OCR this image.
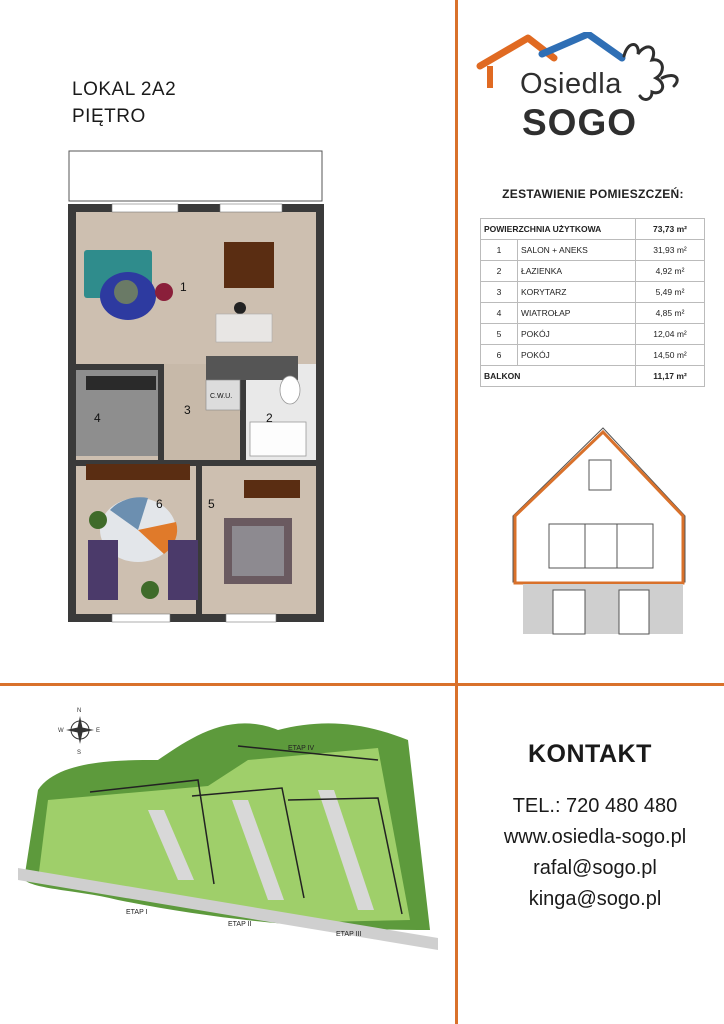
LOKAL 2A2
PIĘTRO
Osiedla
SOGO
ZESTAWIENIE POMIESZCZEŃ:
POWIERZCHNIA UŻYTKOWA		73,73 m²
1	SALON + ANEKS	31,93 m²
2	ŁAZIENKA	4,92 m²
3	KORYTARZ	5,49 m²
4	WIATROŁAP	4,85 m²
5	POKÓJ	12,04 m²
6	POKÓJ	14,50 m²
BALKON		11,17 m²
1
2
3
4
5
6
C.W.U.
N
S
W	E
ETAP I
ETAP II
ETAP III
ETAP IV	KONTAKT
TEL.: 720 480 480
www.osiedla-sogo.pl
rafal@sogo.pl
kinga@sogo.pl
